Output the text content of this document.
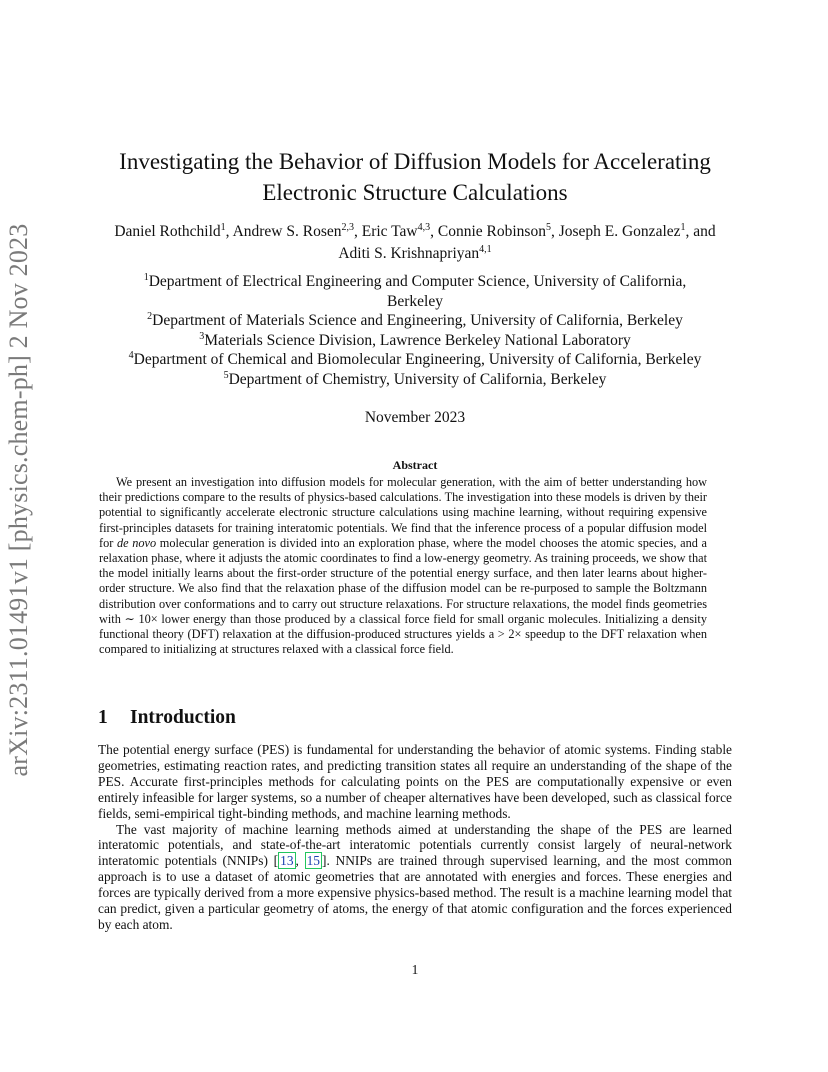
arXiv:2311.01491v1 [physics.chem-ph] 2 Nov 2023
Investigating the Behavior of Diffusion Models for Accelerating
Electronic Structure Calculations
Daniel Rothchild$^1$, Andrew S. Rosen$^{2,3}$, Eric Taw$^{4,3}$, Connie Robinson$^5$, Joseph E. Gonzalez$^1$, and Aditi S. Krishnapriyan$^{4,1}$
$^1$Department of Electrical Engineering and Computer Science, University of California,
Berkeley
$^2$Department of Materials Science and Engineering, University of California, Berkeley
$^3$Materials Science Division, Lawrence Berkeley National Laboratory
$^4$Department of Chemical and Biomolecular Engineering, University of California, Berkeley
$^5$Department of Chemistry, University of California, Berkeley
November 2023
Abstract
We present an investigation into diffusion models for molecular generation, with the aim of better understanding how their predictions compare to the results of physics-based calculations. The investigation into these models is driven by their potential to significantly accelerate electronic structure calculations using machine learning, without requiring expensive first-principles datasets for training interatomic potentials. We find that the inference process of a popular diffusion model for de novo molecular generation is divided into an exploration phase, where the model chooses the atomic species, and a relaxation phase, where it adjusts the atomic coordinates to find a low-energy geometry. As training proceeds, we show that the model initially learns about the first-order structure of the potential energy surface, and then later learns about higher-order structure. We also find that the relaxation phase of the diffusion model can be re-purposed to sample the Boltzmann distribution over conformations and to carry out structure relaxations. For structure relaxations, the model finds geometries with ∼ 10× lower energy than those produced by a classical force field for small organic molecules. Initializing a density functional theory (DFT) relaxation at the diffusion-produced structures yields a > 2× speedup to the DFT relaxation when compared to initializing at structures relaxed with a classical force field.
1 Introduction

The potential energy surface (PES) is fundamental for understanding the behavior of atomic systems. Finding stable geometries, estimating reaction rates, and predicting transition states all require an understanding of the shape of the PES. Accurate first-principles methods for calculating points on the PES are computationally expensive or even entirely infeasible for larger systems, so a number of cheaper alternatives have been developed, such as classical force fields, semi-empirical tight-binding methods, and machine learning methods.

The vast majority of machine learning methods aimed at understanding the shape of the PES are learned interatomic potentials, and state-of-the-art interatomic potentials currently consist largely of neural-network interatomic potentials (NNIPs) [ 13 , 15 ]. NNIPs are trained through supervised learning, and the most common approach is to use a dataset of atomic geometries that are annotated with energies and forces. These energies and forces are typically derived from a more expensive physics-based method. The result is a machine learning model that can predict, given a particular geometry of atoms, the energy of that atomic configuration and the forces experienced by each atom.

1
